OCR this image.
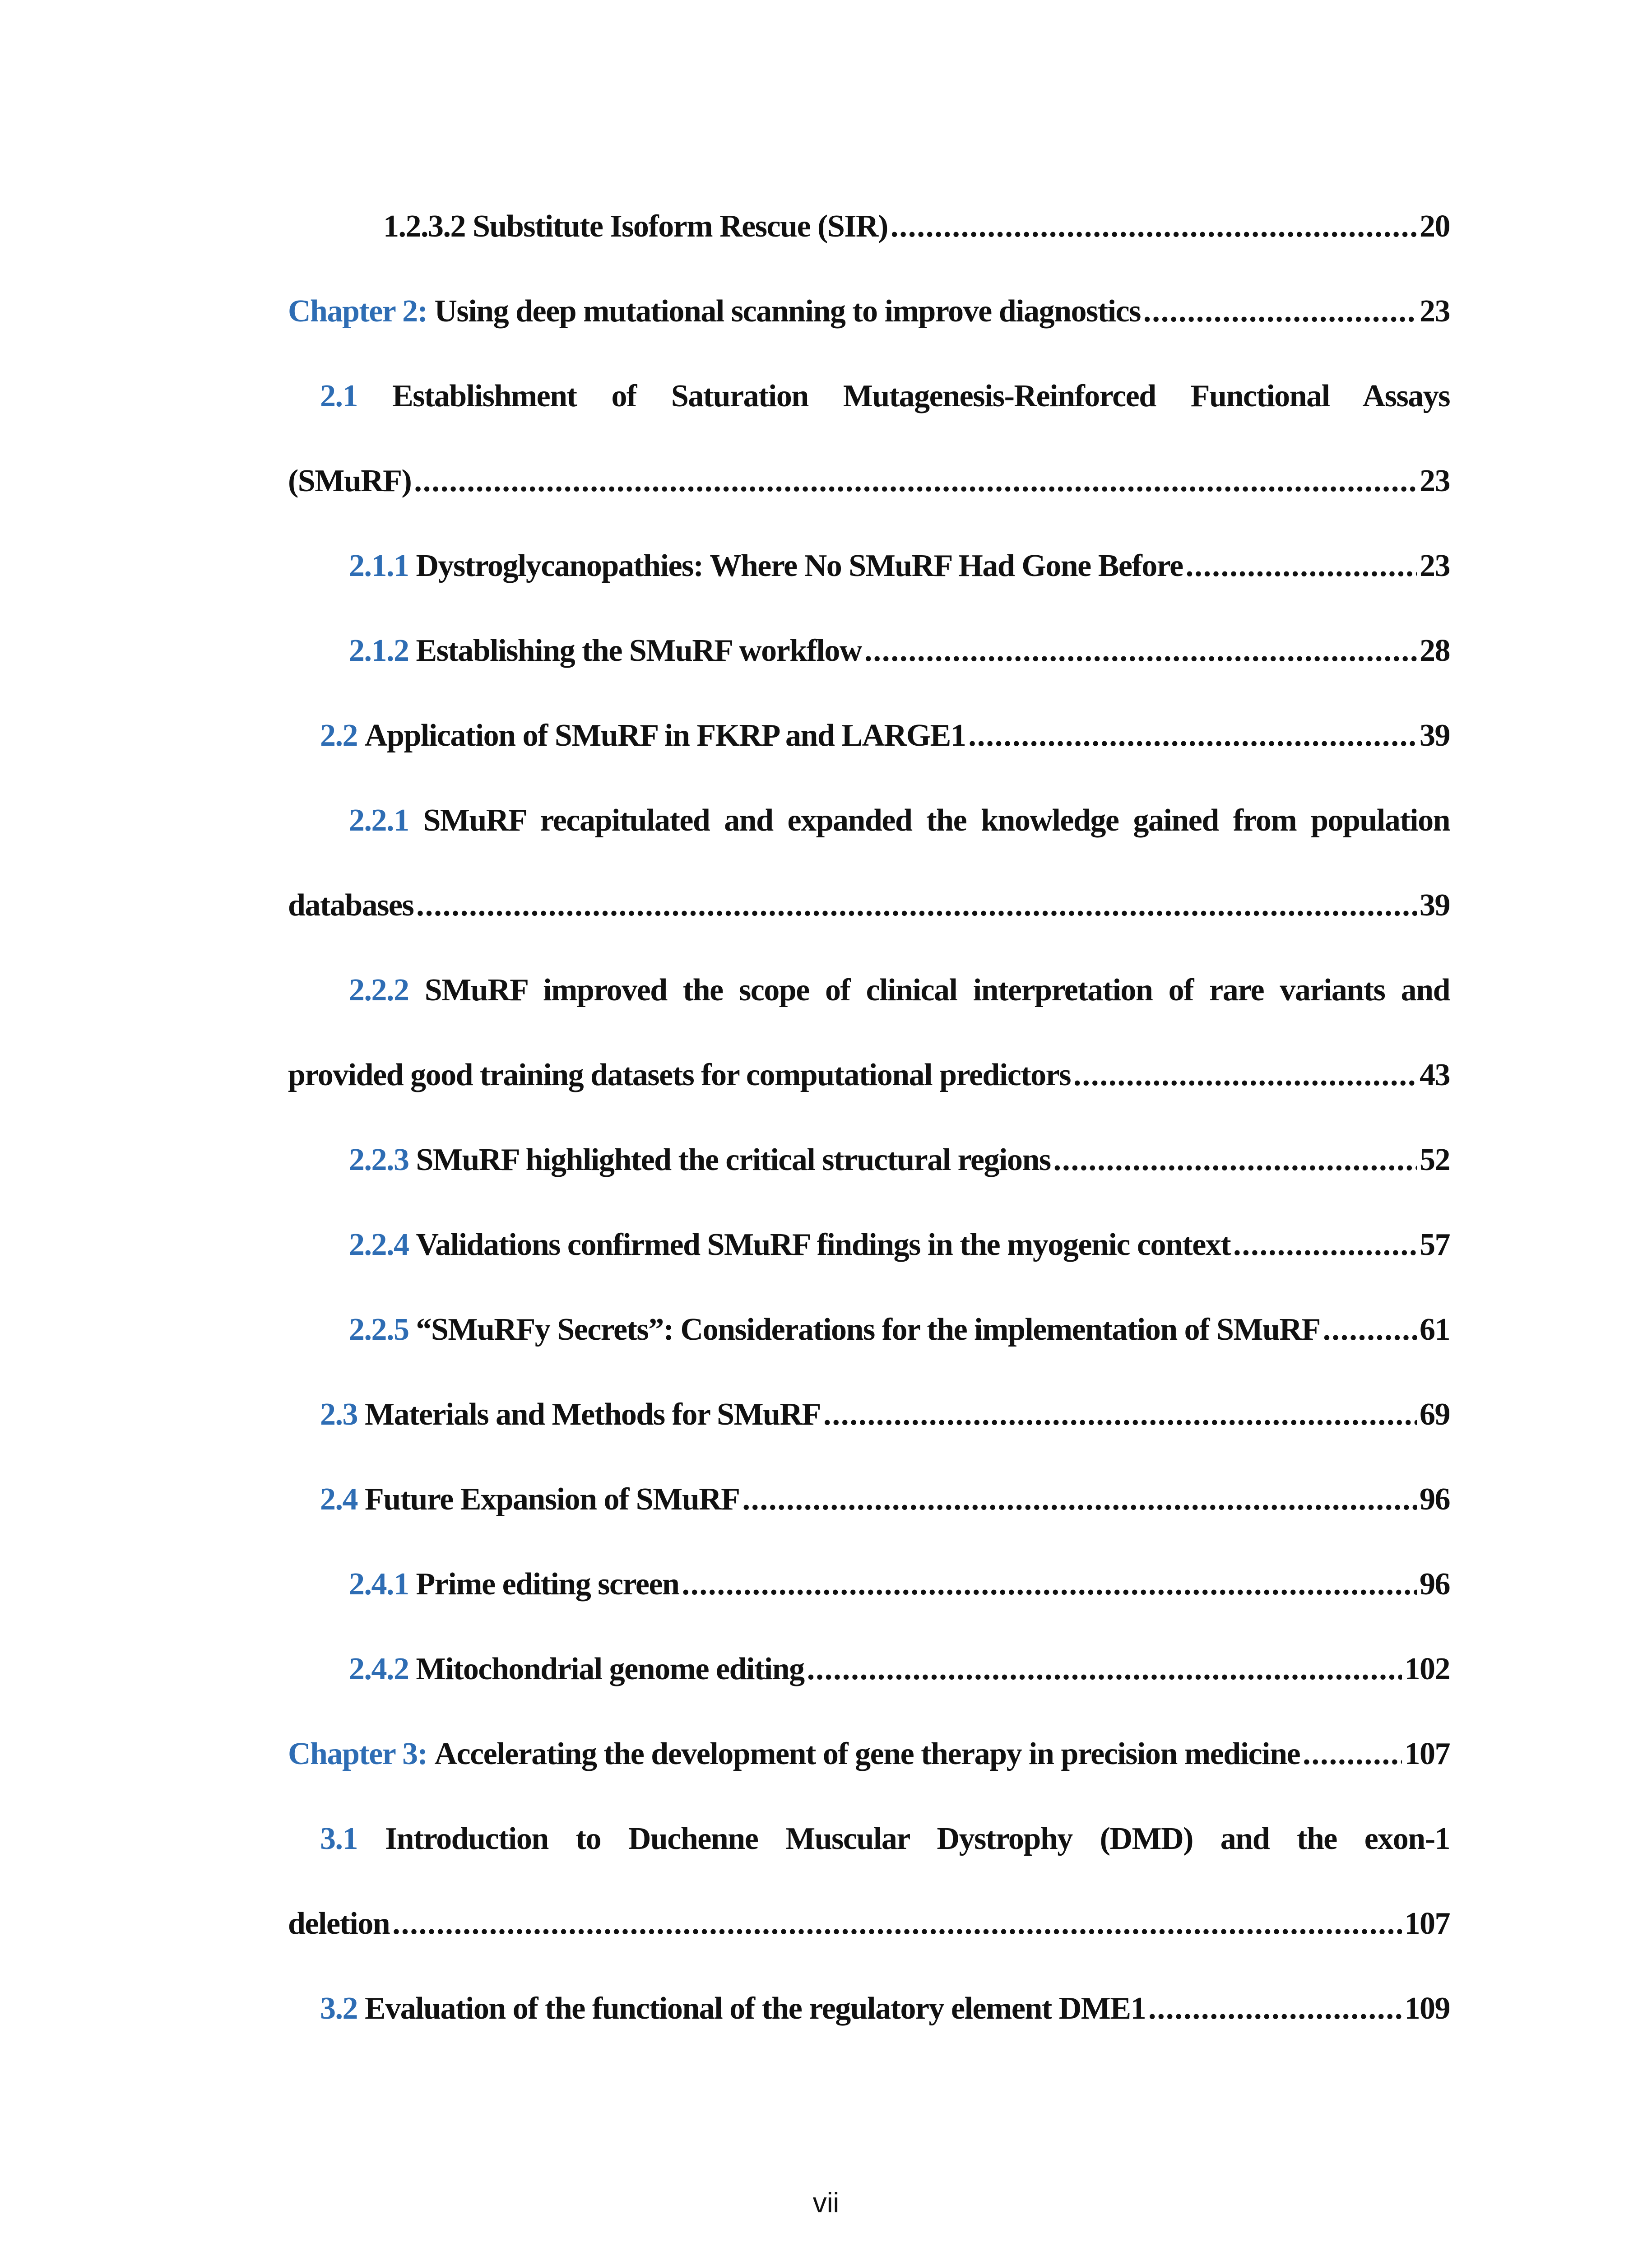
1.2.3.2 Substitute Isoform Rescue (SIR) .....	20
Chapter 2:
Using deep mutational scanning to improve diagnostics .....	23
2.1 Establishment of Saturation Mutagenesis-Reinforced Functional Assays
(SMuRF) .....	23
2.1.1
Dystroglycanopathies: Where No SMuRF Had Gone Before .....	23
2.1.2
Establishing the SMuRF workflow .....	28
2.2
Application of SMuRF in FKRP and LARGE1 .....	39
2.2.1 SMuRF recapitulated and expanded the knowledge gained from population
databases .....	39
2.2.2 SMuRF improved the scope of clinical interpretation of rare variants and
provided good training datasets for computational predictors .....	43
2.2.3
SMuRF highlighted the critical structural regions .....	52
2.2.4
Validations confirmed SMuRF findings in the myogenic context .....	57
2.2.5
“SMuRFy Secrets”: Considerations for the implementation of SMuRF .....	61
2.3
Materials and Methods for SMuRF .....	69
2.4
Future Expansion of SMuRF .....	96
2.4.1
Prime editing screen .....	96
2.4.2
Mitochondrial genome editing .....	102
Chapter 3:
Accelerating the development of gene therapy in precision medicine .....	107
3.1 Introduction to Duchenne Muscular Dystrophy (DMD) and the exon-1
deletion .....	107
3.2
Evaluation of the functional of the regulatory element DME1 .....	109
vii
